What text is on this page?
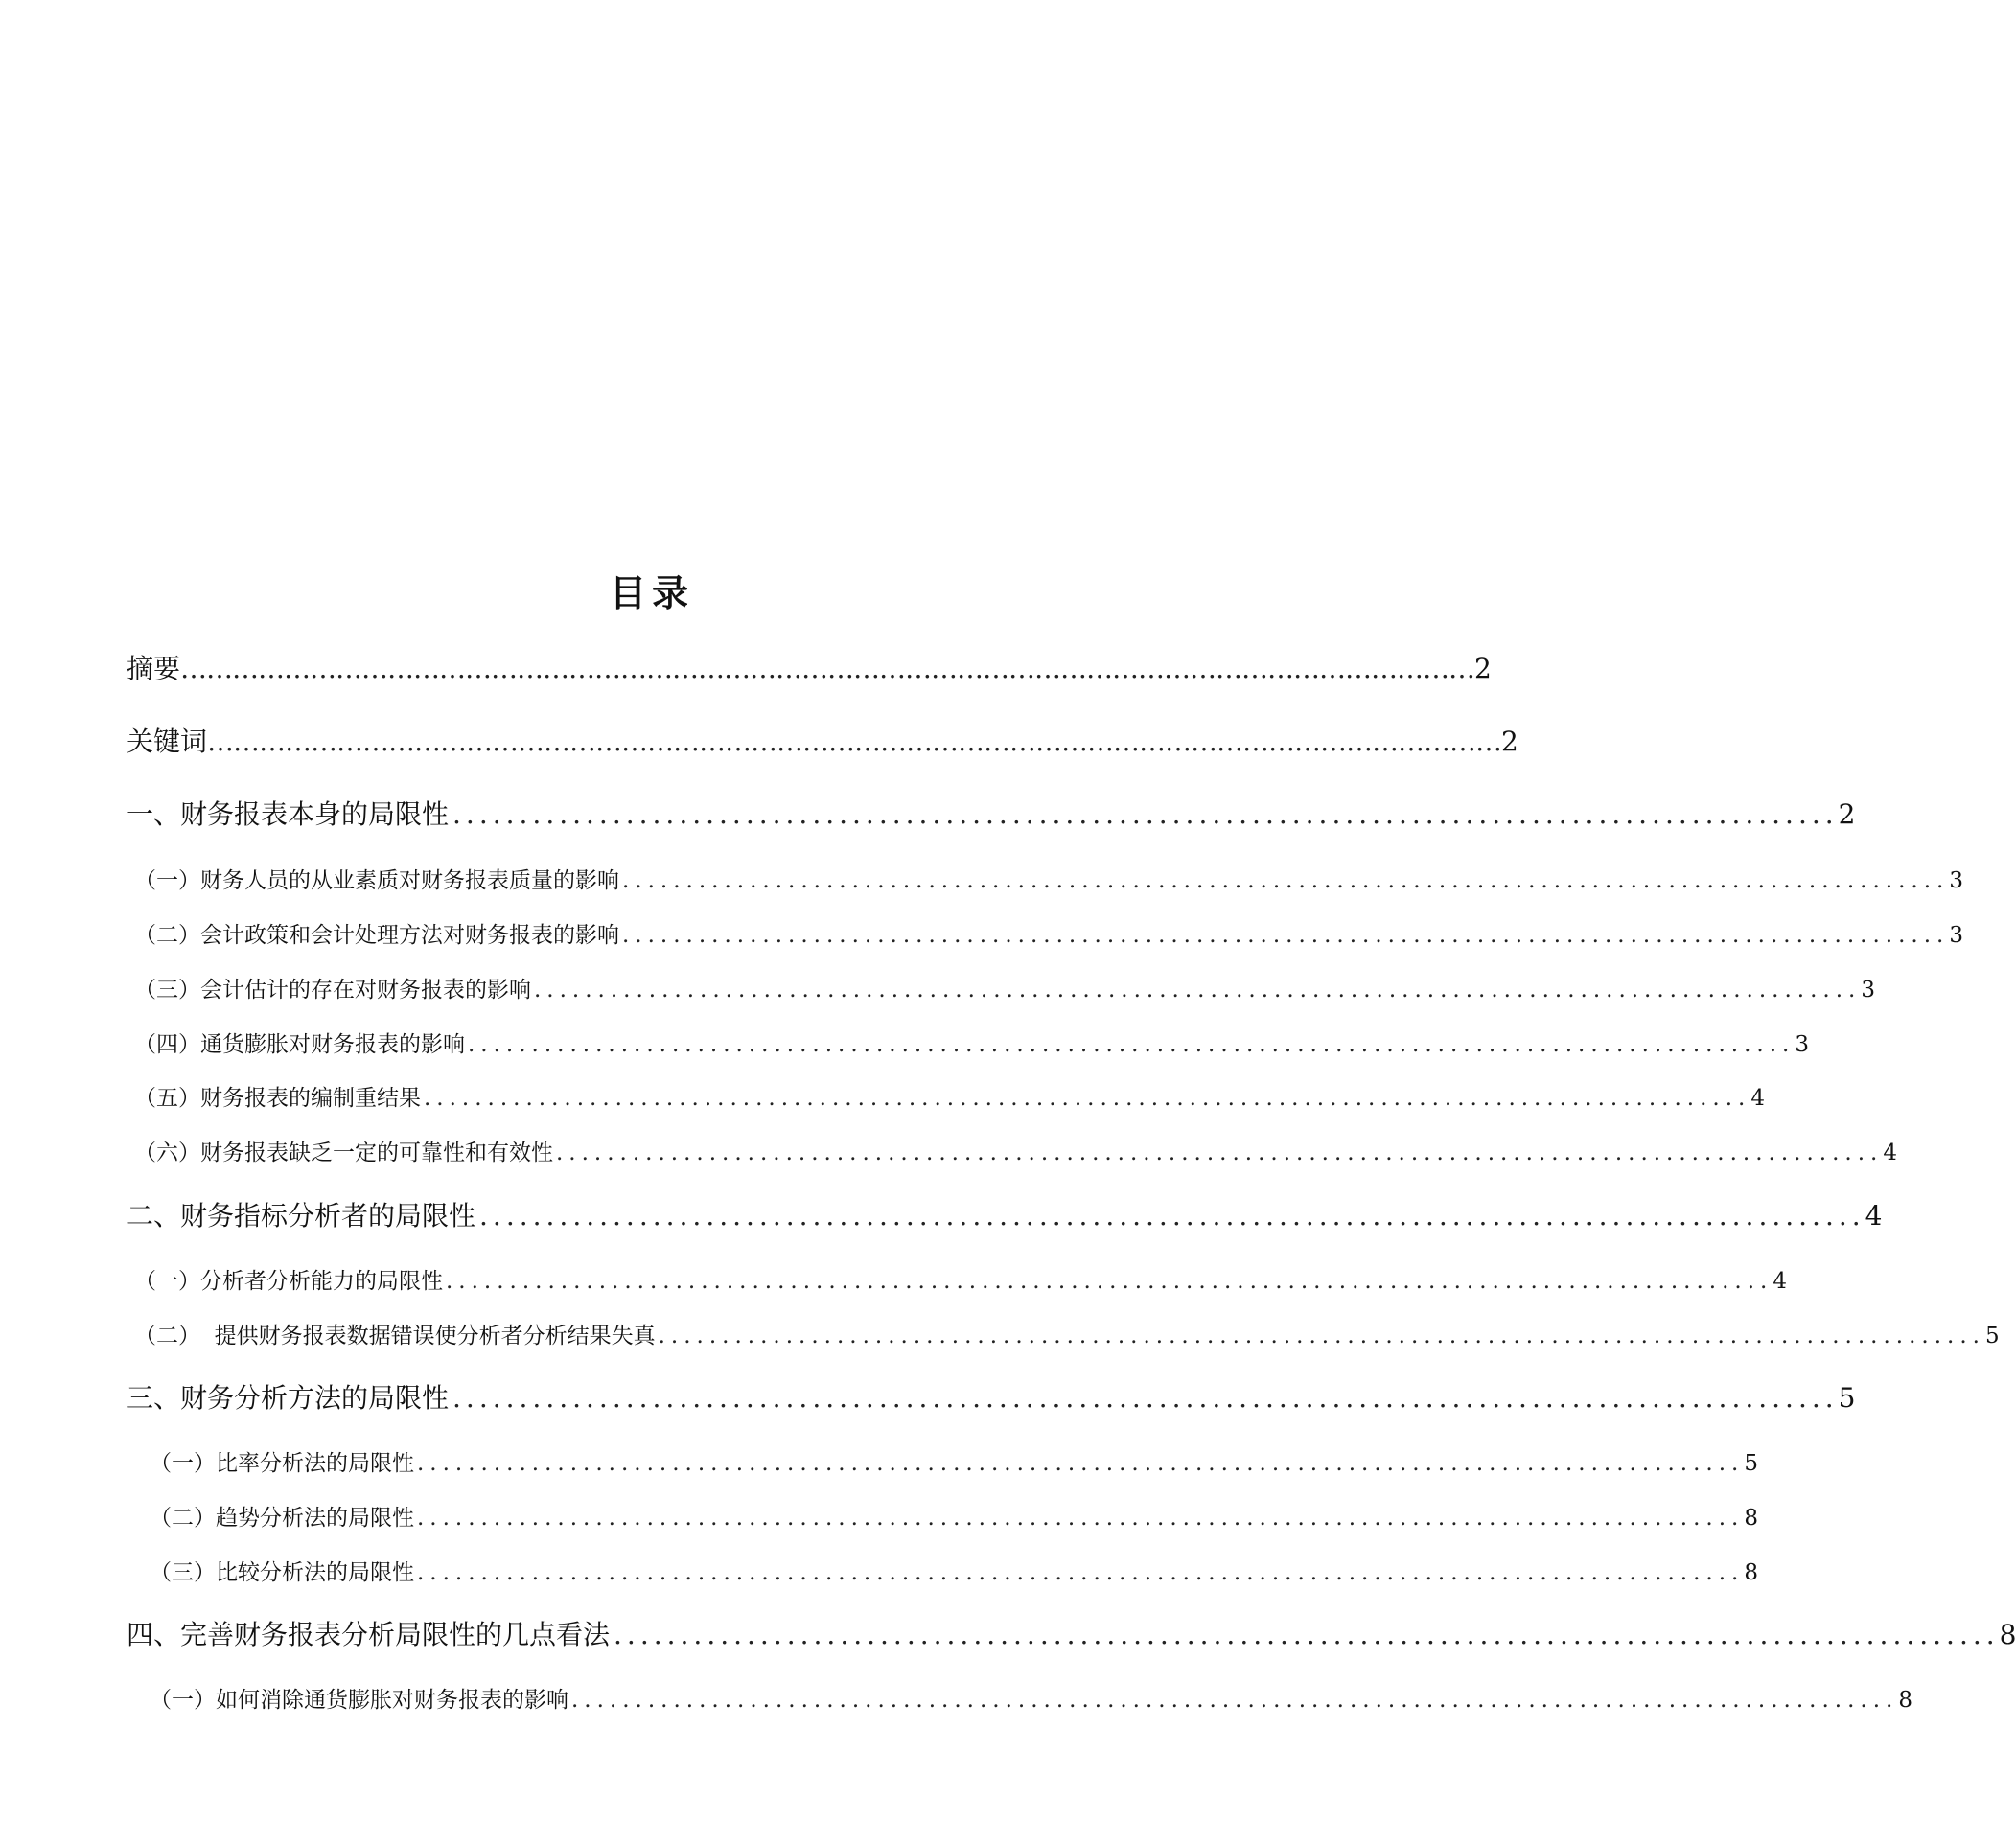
目录
摘要 …………………………………………………………………………………………………………………………………… 2
关键词 …………………………………………………………………………………………………………………………………… 2
一、财务报表本身的局限性 ........................................................................................................ 2
（一）财务人员的从业素质对财务报表质量的影响 ........................................................................................................ 3
（二）会计政策和会计处理方法对财务报表的影响 ........................................................................................................ 3
（三）会计估计的存在对财务报表的影响 ........................................................................................................ 3
（四）通货膨胀对财务报表的影响 ........................................................................................................ 3
（五）财务报表的编制重结果 ........................................................................................................ 4
（六）财务报表缺乏一定的可靠性和有效性 ........................................................................................................ 4
二、财务指标分析者的局限性 ........................................................................................................ 4
（一）分析者分析能力的局限性 ........................................................................................................ 4
（二）  提供财务报表数据错误使分析者分析结果失真 ........................................................................................................ 5
三、财务分析方法的局限性 ........................................................................................................ 5
（一）比率分析法的局限性 ........................................................................................................ 5
（二）趋势分析法的局限性 ........................................................................................................ 8
（三）比较分析法的局限性 ........................................................................................................ 8
四、完善财务报表分析局限性的几点看法 ........................................................................................................ 8
（一）如何消除通货膨胀对财务报表的影响 ........................................................................................................ 8
